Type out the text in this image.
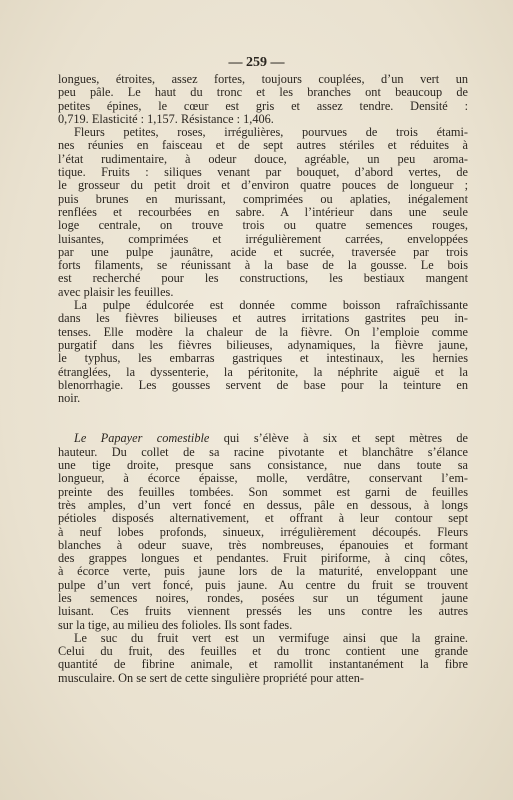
— 259 —

longues, étroites, assez fortes, toujours couplées, d’un vert un
peu pâle. Le haut du tronc et les branches ont beaucoup de
petites épines, le cœur est gris et assez tendre. Densité :
0,719. Elasticité : 1,157. Résistance : 1,406.

Fleurs petites, roses, irrégulières, pourvues de trois étami-
nes réunies en faisceau et de sept autres stériles et réduites à
l’état rudimentaire, à odeur douce, agréable, un peu aroma-
tique. Fruits : siliques venant par bouquet, d’abord vertes, de
le grosseur du petit droit et d’environ quatre pouces de longueur ;
puis brunes en murissant, comprimées ou aplaties, inégalement
renflées et recourbées en sabre. A l’intérieur dans une seule
loge centrale, on trouve trois ou quatre semences rouges,
luisantes, comprimées et irrégulièrement carrées, enveloppées
par une pulpe jaunâtre, acide et sucrée, traversée par trois
forts filaments, se réunissant à la base de la gousse. Le bois
est recherché pour les constructions, les bestiaux mangent
avec plaisir les feuilles.

La pulpe édulcorée est donnée comme boisson rafraîchissante
dans les fièvres bilieuses et autres irritations gastrites peu in-
tenses. Elle modère la chaleur de la fièvre. On l’emploie comme
purgatif dans les fièvres bilieuses, adynamiques, la fièvre jaune,
le typhus, les embarras gastriques et intestinaux, les hernies
étranglées, la dyssenterie, la péritonite, la néphrite aiguë et la
blenorrhagie. Les gousses servent de base pour la teinture en
noir.

Le Papayer comestible qui s’élève à six et sept mètres de
hauteur. Du collet de sa racine pivotante et blanchâtre s’élance
une tige droite, presque sans consistance, nue dans toute sa
longueur, à écorce épaisse, molle, verdâtre, conservant l’em-
preinte des feuilles tombées. Son sommet est garni de feuilles
très amples, d’un vert foncé en dessus, pâle en dessous, à longs
pétioles disposés alternativement, et offrant à leur contour sept
à neuf lobes profonds, sinueux, irrégulièrement découpés. Fleurs
blanches à odeur suave, très nombreuses, épanouies et formant
des grappes longues et pendantes. Fruit piriforme, à cinq côtes,
à écorce verte, puis jaune lors de la maturité, enveloppant une
pulpe d’un vert foncé, puis jaune. Au centre du fruit se trouvent
les semences noires, rondes, posées sur un tégument jaune
luisant. Ces fruits viennent pressés les uns contre les autres
sur la tige, au milieu des folioles. Ils sont fades.

Le suc du fruit vert est un vermifuge ainsi que la graine.
Celui du fruit, des feuilles et du tronc contient une grande
quantité de fibrine animale, et ramollit instantanément la fibre
musculaire. On se sert de cette singulière propriété pour atten-
